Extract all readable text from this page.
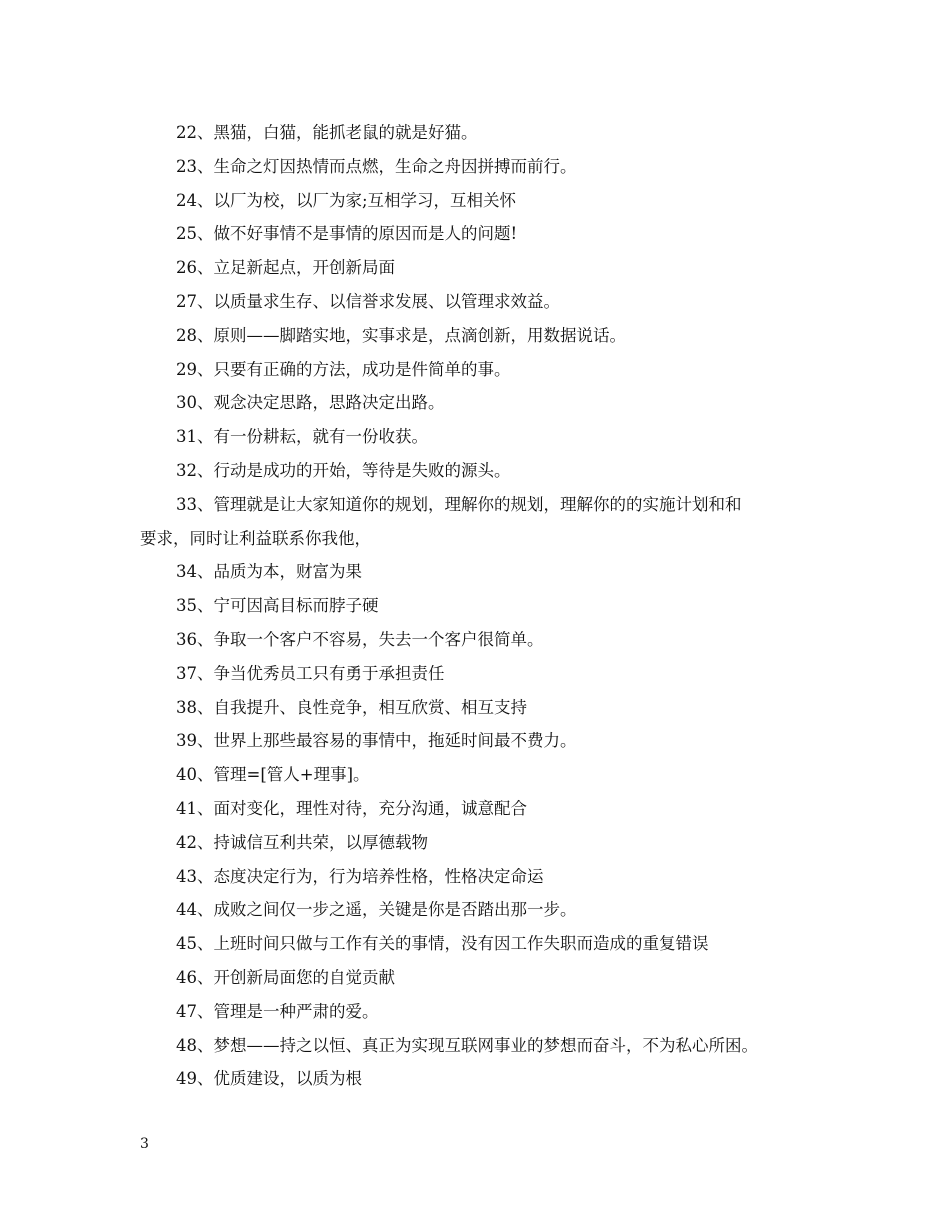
22、黑猫，白猫，能抓老鼠的就是好猫。
23、生命之灯因热情而点燃，生命之舟因拼搏而前行。
24、以厂为校，以厂为家;互相学习，互相关怀
25、做不好事情不是事情的原因而是人的问题!
26、立足新起点，开创新局面
27、以质量求生存、以信誉求发展、以管理求效益。
28、原则——脚踏实地，实事求是，点滴创新，用数据说话。
29、只要有正确的方法，成功是件简单的事。
30、观念决定思路，思路决定出路。
31、有一份耕耘，就有一份收获。
32、行动是成功的开始，等待是失败的源头。
33、管理就是让大家知道你的规划，理解你的规划，理解你的的实施计划和和
要求，同时让利益联系你我他，
34、品质为本，财富为果
35、宁可因高目标而脖子硬
36、争取一个客户不容易，失去一个客户很简单。
37、争当优秀员工只有勇于承担责任
38、自我提升、良性竞争，相互欣赏、相互支持
39、世界上那些最容易的事情中，拖延时间最不费力。
40、管理=[管人+理事]。
41、面对变化，理性对待，充分沟通，诚意配合
42、持诚信互利共荣，以厚德载物
43、态度决定行为，行为培养性格，性格决定命运
44、成败之间仅一步之遥，关键是你是否踏出那一步。
45、上班时间只做与工作有关的事情，没有因工作失职而造成的重复错误
46、开创新局面您的自觉贡献
47、管理是一种严肃的爱。
48、梦想——持之以恒、真正为实现互联网事业的梦想而奋斗，不为私心所困。
49、优质建设，以质为根
3
